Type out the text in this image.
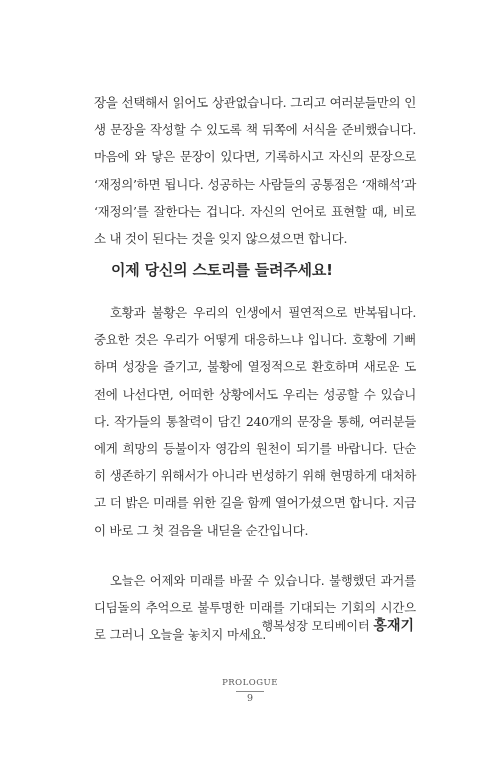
장을 선택해서 읽어도 상관없습니다. 그리고 여러분들만의 인생 문장을 작성할 수 있도록 책 뒤쪽에 서식을 준비했습니다. 마음에 와 닿은 문장이 있다면, 기록하시고 자신의 문장으로 ‘재정의’하면 됩니다. 성공하는 사람들의 공통점은 ‘재해석’과 ‘재정의’를 잘한다는 겁니다. 자신의 언어로 표현할 때, 비로소 내 것이 된다는 것을 잊지 않으셨으면 합니다.

이제 당신의 스토리를 들려주세요!

호황과 불황은 우리의 인생에서 필연적으로 반복됩니다. 중요한 것은 우리가 어떻게 대응하느냐 입니다. 호황에 기뻐하며 성장을 즐기고, 불황에 열정적으로 환호하며 새로운 도전에 나선다면, 어떠한 상황에서도 우리는 성공할 수 있습니다. 작가들의 통찰력이 담긴 240개의 문장을 통해, 여러분들에게 희망의 등불이자 영감의 원천이 되기를 바랍니다. 단순히 생존하기 위해서가 아니라 번성하기 위해 현명하게 대처하고 더 밝은 미래를 위한 길을 함께 열어가셨으면 합니다. 지금이 바로 그 첫 걸음을 내딛을 순간입니다.

오늘은 어제와 미래를 바꿀 수 있습니다. 불행했던 과거를 디딤돌의 추억으로 불투명한 미래를 기대되는 기회의 시간으로 그러니 오늘을 놓치지 마세요.

행복성장 모티베이터 홍재기

PROLOGUE
9
